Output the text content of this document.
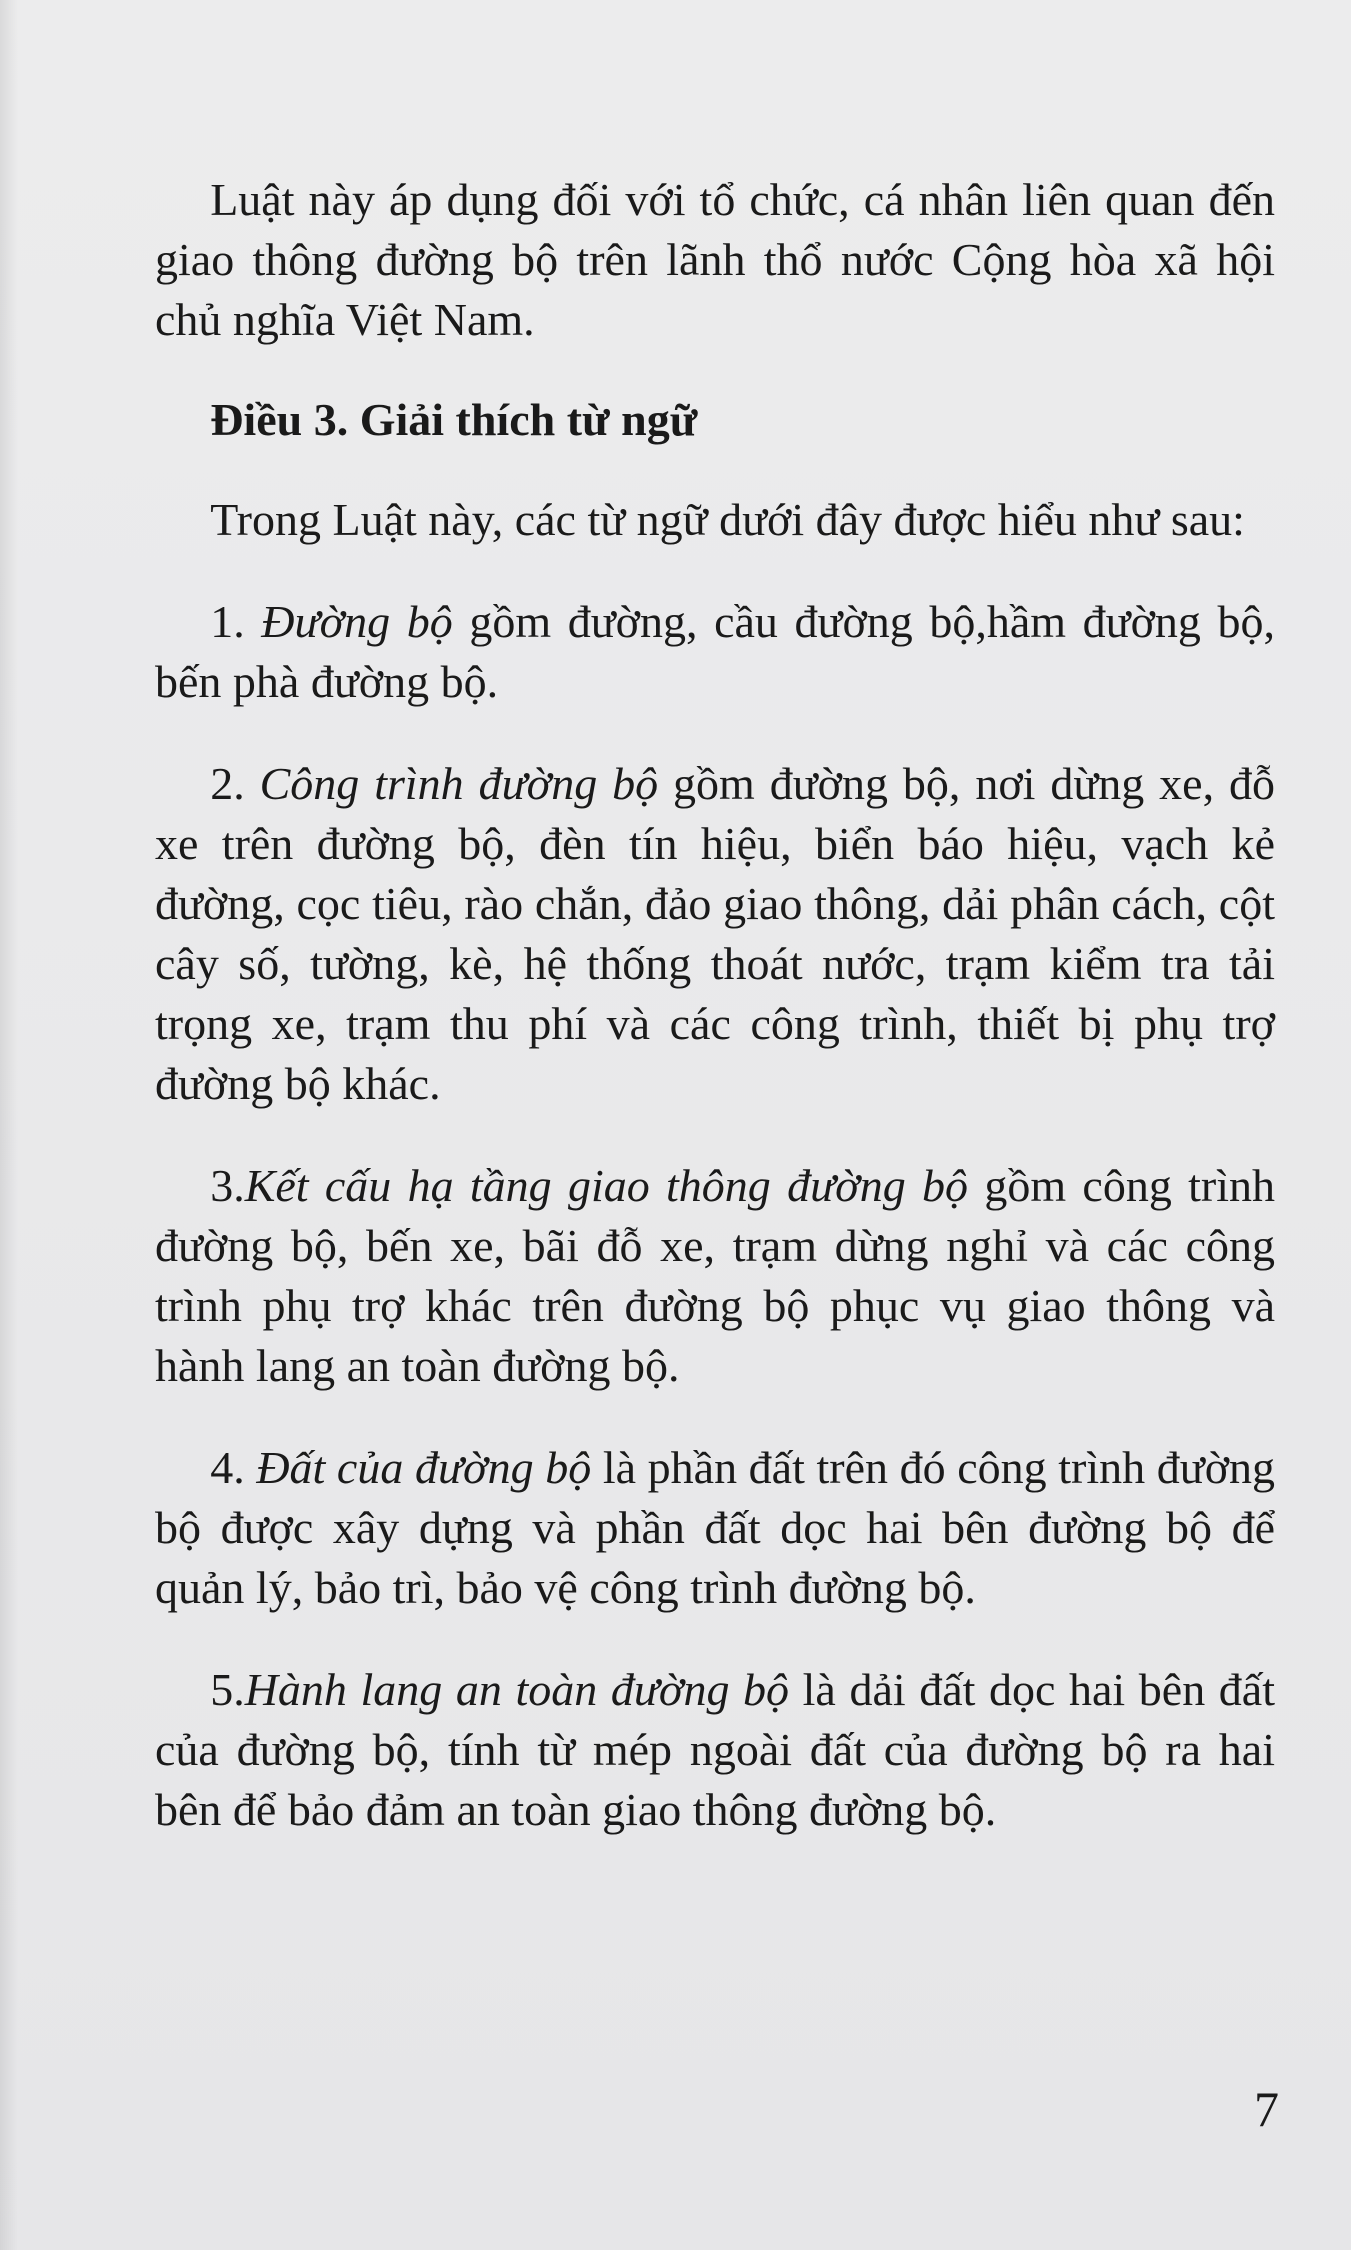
Luật này áp dụng đối với tổ chức, cá nhân liên quan đến giao thông đường bộ trên lãnh thổ nước Cộng hòa xã hội chủ nghĩa Việt Nam.

Điều 3. Giải thích từ ngữ

Trong Luật này, các từ ngữ dưới đây được hiểu như sau:

1. Đường bộ gồm đường, cầu đường bộ,hầm đường bộ, bến phà đường bộ.

2. Công trình đường bộ gồm đường bộ, nơi dừng xe, đỗ xe trên đường bộ, đèn tín hiệu, biển báo hiệu, vạch kẻ đường, cọc tiêu, rào chắn, đảo giao thông, dải phân cách, cột cây số, tường, kè, hệ thống thoát nước, trạm kiểm tra tải trọng xe, trạm thu phí và các công trình, thiết bị phụ trợ đường bộ khác.

3.Kết cấu hạ tầng giao thông đường bộ gồm công trình đường bộ, bến xe, bãi đỗ xe, trạm dừng nghỉ và các công trình phụ trợ khác trên đường bộ phục vụ giao thông và hành lang an toàn đường bộ.

4. Đất của đường bộ là phần đất trên đó công trình đường bộ được xây dựng và phần đất dọc hai bên đường bộ để quản lý, bảo trì, bảo vệ công trình đường bộ.

5.Hành lang an toàn đường bộ là dải đất dọc hai bên đất của đường bộ, tính từ mép ngoài đất của đường bộ ra hai bên để bảo đảm an toàn giao thông đường bộ.

7
